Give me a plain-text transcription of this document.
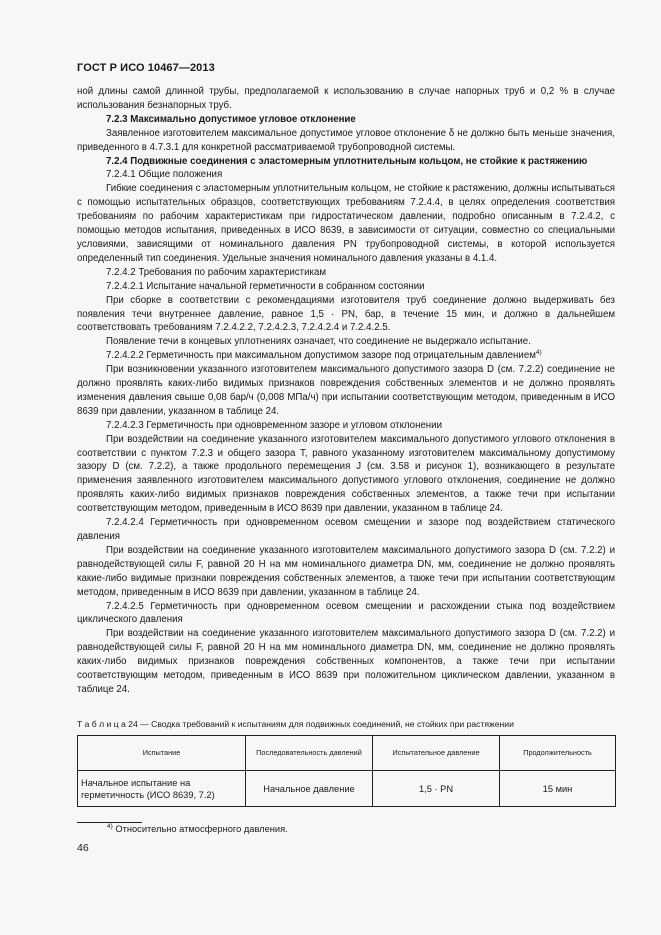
ГОСТ Р ИСО 10467—2013

ной длины самой длинной трубы, предполагаемой к использованию в случае напорных труб и 0,2 % в случае использования безнапорных труб.

7.2.3 Максимально допустимое угловое отклонение

Заявленное изготовителем максимальное допустимое угловое отклонение δ не должно быть меньше значения, приведенного в 4.7.3.1 для конкретной рассматриваемой трубопроводной системы.

7.2.4 Подвижные соединения с эластомерным уплотнительным кольцом, не стойкие к растяжению

7.2.4.1 Общие положения

Гибкие соединения с эластомерным уплотнительным кольцом, не стойкие к растяжению, должны испытываться с помощью испытательных образцов, соответствующих требованиям 7.2.4.4, в целях определения соответствия требованиям по рабочим характеристикам при гидростатическом давлении, подробно описанным в 7.2.4.2, с помощью методов испытания, приведенных в ИСО 8639, в зависимости от ситуации, совместно со специальными условиями, зависящими от номинального давления PN трубопроводной системы, в которой используется определенный тип соединения. Удельные значения номинального давления указаны в 4.1.4.

7.2.4.2 Требования по рабочим характеристикам

7.2.4.2.1 Испытание начальной герметичности в собранном состоянии

При сборке в соответствии с рекомендациями изготовителя труб соединение должно выдерживать без появления течи внутреннее давление, равное 1,5 · PN, бар, в течение 15 мин, и должно в дальнейшем соответствовать требованиям 7.2.4.2.2, 7.2.4.2.3, 7.2.4.2.4 и 7.2.4.2.5.

Появление течи в концевых уплотнениях означает, что соединение не выдержало испытание.

7.2.4.2.2 Герметичность при максимальном допустимом зазоре под отрицательным давлением$^{4)}$

При возникновении указанного изготовителем максимального допустимого зазора D (см. 7.2.2) соединение не должно проявлять каких-либо видимых признаков повреждения собственных элементов и не должно проявлять изменения давления свыше 0,08 бар/ч (0,008 МПа/ч) при испытании соответствующим методом, приведенным в ИСО 8639 при давлении, указанном в таблице 24.

7.2.4.2.3 Герметичность при одновременном зазоре и угловом отклонении

При воздействии на соединение указанного изготовителем максимального допустимого углового отклонения в соответствии с пунктом 7.2.3 и общего зазора T, равного указанному изготовителем максимальному допустимому зазору D (см. 7.2.2), а также продольного перемещения J (см. 3.58 и рисунок 1), возникающего в результате применения заявленного изготовителем максимального допустимого углового отклонения, соединение не должно проявлять каких-либо видимых признаков повреждения собственных элементов, а также течи при испытании соответствующим методом, приведенным в ИСО 8639 при давлении, указанном в таблице 24.

7.2.4.2.4 Герметичность при одновременном осевом смещении и зазоре под воздействием статического давления

При воздействии на соединение указанного изготовителем максимального допустимого зазора D (см. 7.2.2) и равнодействующей силы F, равной 20 Н на мм номинального диаметра DN, мм, соединение не должно проявлять какие-либо видимые признаки повреждения собственных элементов, а также течи при испытании соответствующим методом, приведенным в ИСО 8639 при давлении, указанном в таблице 24.

7.2.4.2.5 Герметичность при одновременном осевом смещении и расхождении стыка под воздействием циклического давления

При воздействии на соединение указанного изготовителем максимального допустимого зазора D (см. 7.2.2) и равнодействующей силы F, равной 20 Н на мм номинального диаметра DN, мм, соединение не должно проявлять каких-либо видимых признаков повреждения собственных компонентов, а также течи при испытании соответствующим методом, приведенным в ИСО 8639 при положительном циклическом давлении, указанном в таблице 24.

Т а б л и ц а 24 — Сводка требований к испытаниям для подвижных соединений, не стойких при растяжении
Испытание	Последовательность давлений	Испытательное давление	Продолжительность
Начальное испытание на герметичность (ИСО 8639, 7.2)	Начальное давление	1,5 · PN	15 мин
$^{4)}$ Относительно атмосферного давления.
46
